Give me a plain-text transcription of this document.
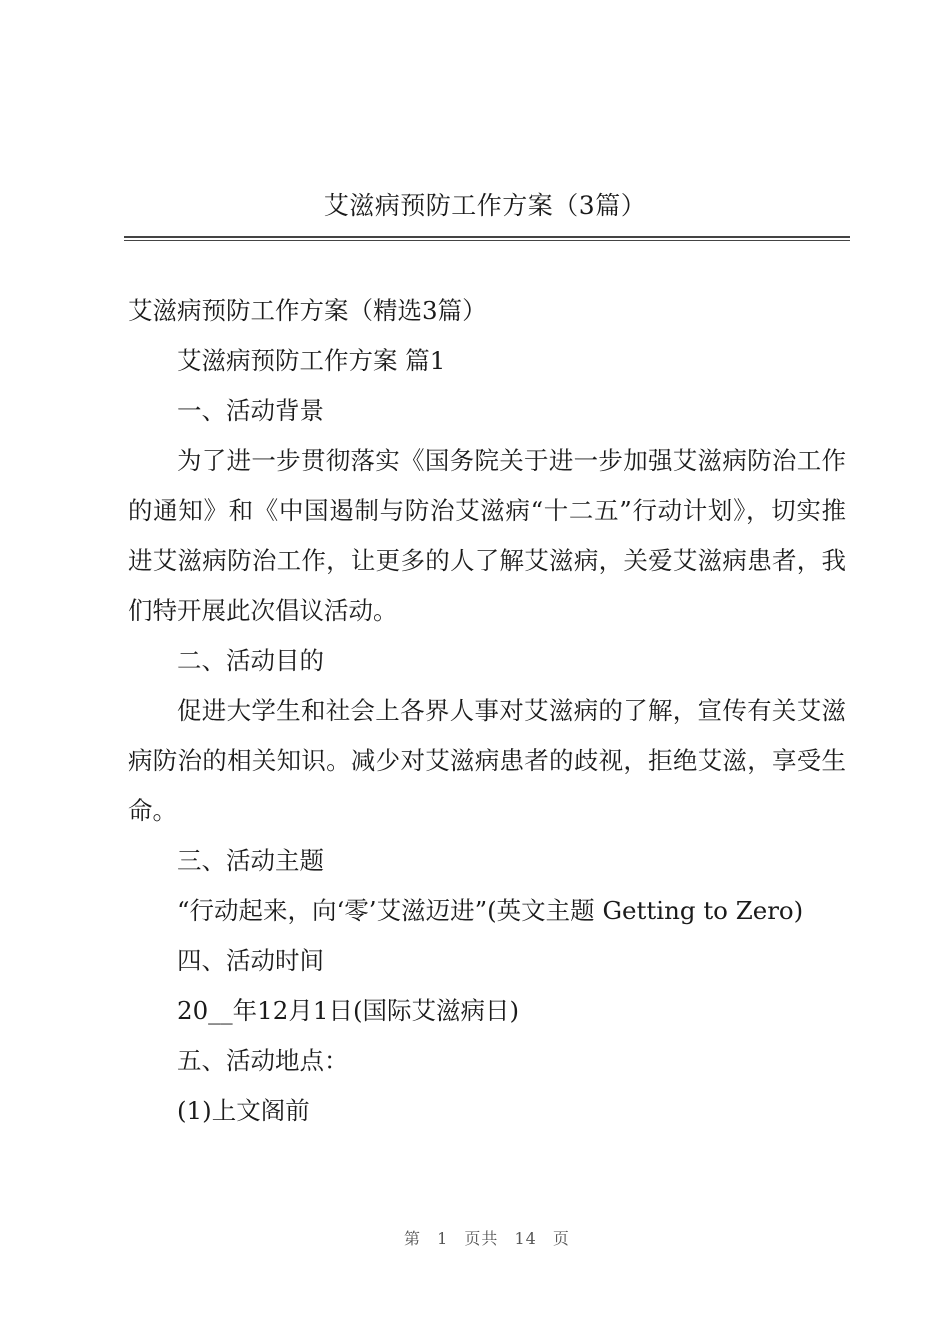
艾滋病预防工作方案（3篇）

艾滋病预防工作方案（精选3篇）

艾滋病预防工作方案 篇1

一、活动背景

为了进一步贯彻落实《国务院关于进一步加强艾滋病防治工作的通知》和《中国遏制与防治艾滋病“十二五”行动计划》，切实推进艾滋病防治工作，让更多的人了解艾滋病，关爱艾滋病患者，我们特开展此次倡议活动。

二、活动目的

促进大学生和社会上各界人事对艾滋病的了解，宣传有关艾滋病防治的相关知识。减少对艾滋病患者的歧视，拒绝艾滋，享受生命。

三、活动主题

“行动起来，向‘零’艾滋迈进”(英文主题 Getting to Zero)

四、活动时间

20__年12月1日(国际艾滋病日)

五、活动地点：

(1)上文阁前

第 1 页共 14 页
